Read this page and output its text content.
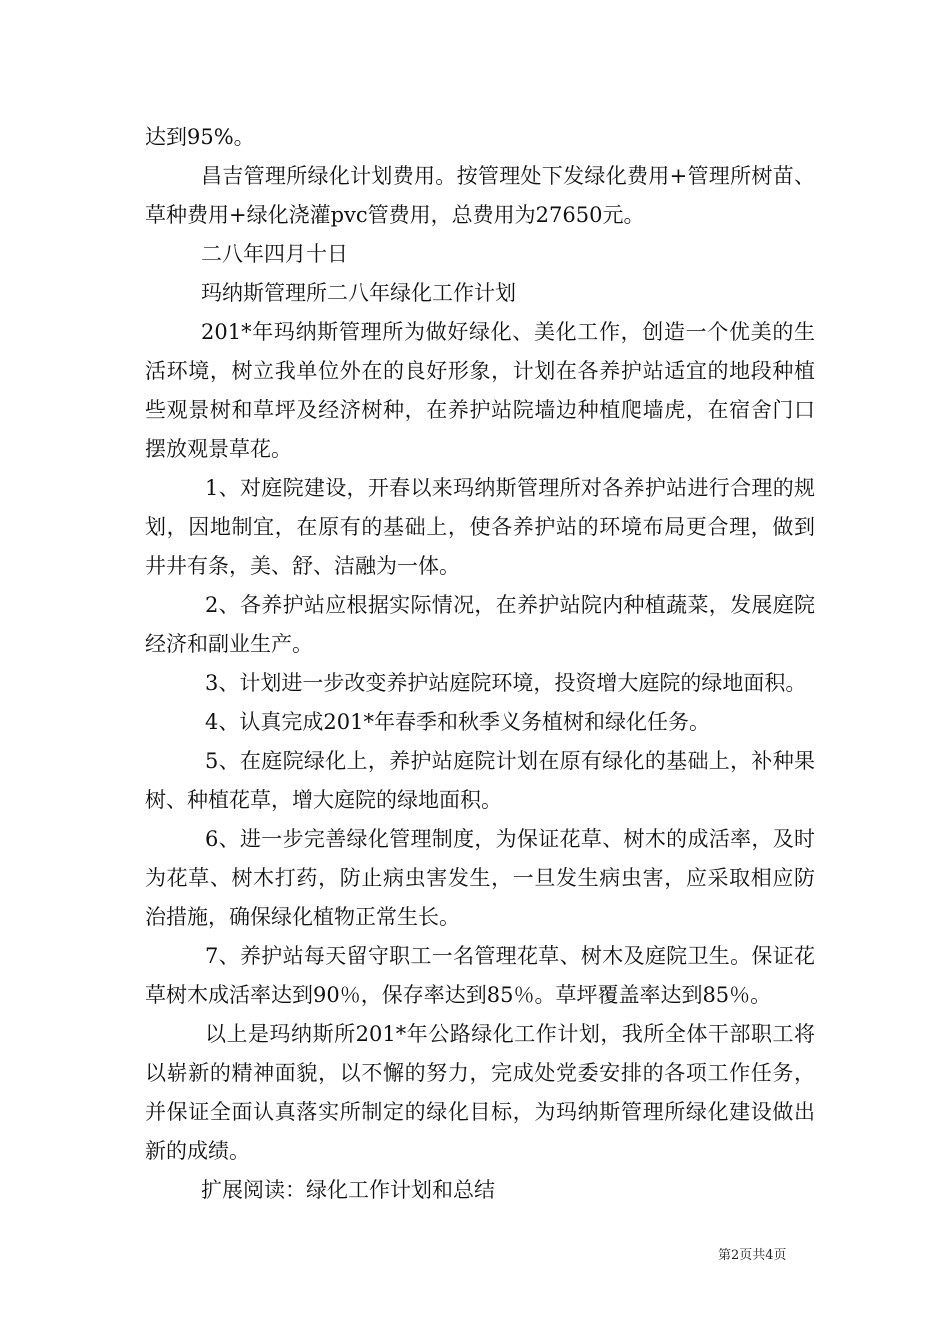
达到95%。

昌吉管理所绿化计划费用。按管理处下发绿化费用+管理所树苗、草种费用+绿化浇灌pvc管费用，总费用为27650元。

二八年四月十日

玛纳斯管理所二八年绿化工作计划

201*年玛纳斯管理所为做好绿化、美化工作，创造一个优美的生活环境，树立我单位外在的良好形象，计划在各养护站适宜的地段种植些观景树和草坪及经济树种，在养护站院墙边种植爬墙虎，在宿舍门口摆放观景草花。

1、对庭院建设，开春以来玛纳斯管理所对各养护站进行合理的规划，因地制宜，在原有的基础上，使各养护站的环境布局更合理，做到井井有条，美、舒、洁融为一体。

2、各养护站应根据实际情况，在养护站院内种植蔬菜，发展庭院经济和副业生产。

3、计划进一步改变养护站庭院环境，投资增大庭院的绿地面积。

4、认真完成201*年春季和秋季义务植树和绿化任务。

5、在庭院绿化上，养护站庭院计划在原有绿化的基础上，补种果树、种植花草，增大庭院的绿地面积。

6、进一步完善绿化管理制度，为保证花草、树木的成活率，及时为花草、树木打药，防止病虫害发生，一旦发生病虫害，应采取相应防治措施，确保绿化植物正常生长。

7、养护站每天留守职工一名管理花草、树木及庭院卫生。保证花草树木成活率达到90％，保存率达到85％。草坪覆盖率达到85％。

以上是玛纳斯所201*年公路绿化工作计划，我所全体干部职工将以崭新的精神面貌，以不懈的努力，完成处党委安排的各项工作任务，并保证全面认真落实所制定的绿化目标，为玛纳斯管理所绿化建设做出新的成绩。

扩展阅读：绿化工作计划和总结

第2页共4页
